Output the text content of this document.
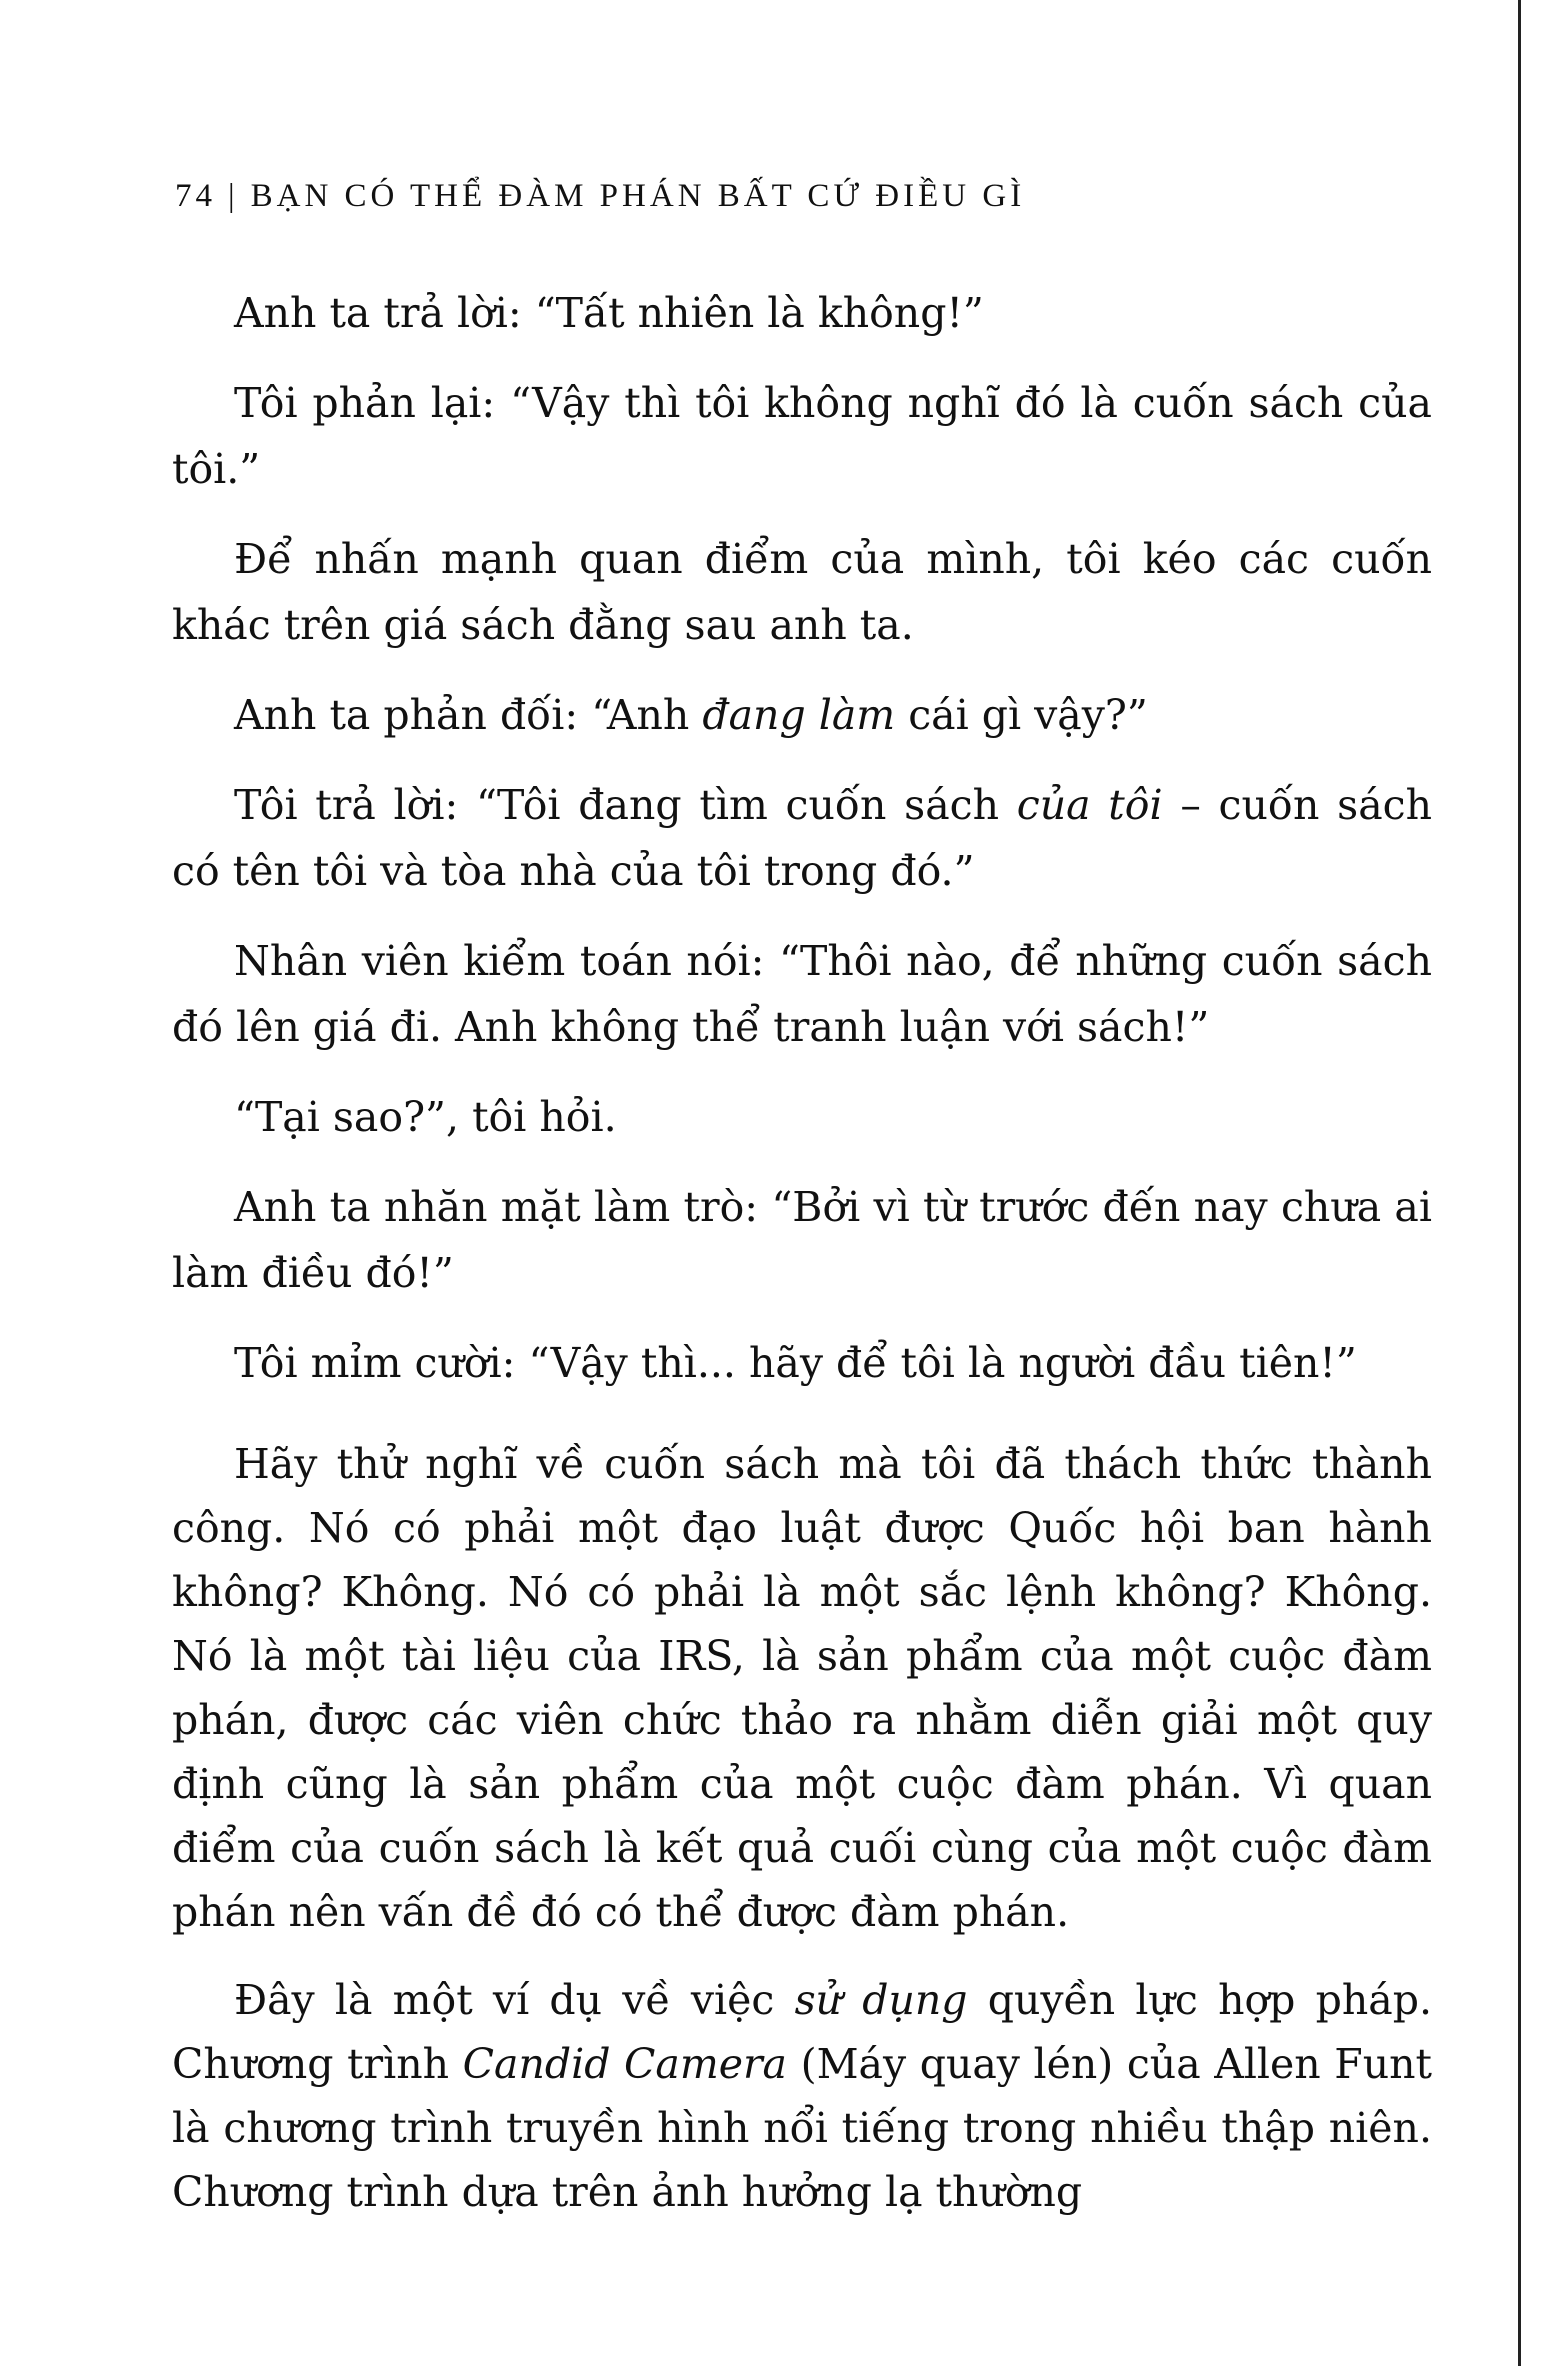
74 | BẠN CÓ THỂ ĐÀM PHÁN BẤT CỨ ĐIỀU GÌ

Anh ta trả lời: “Tất nhiên là không!”

Tôi phản lại: “Vậy thì tôi không nghĩ đó là cuốn sách của tôi.”

Để nhấn mạnh quan điểm của mình, tôi kéo các cuốn khác trên giá sách đằng sau anh ta.

Anh ta phản đối: “Anh đang làm cái gì vậy?”

Tôi trả lời: “Tôi đang tìm cuốn sách của tôi – cuốn sách có tên tôi và tòa nhà của tôi trong đó.”

Nhân viên kiểm toán nói: “Thôi nào, để những cuốn sách đó lên giá đi. Anh không thể tranh luận với sách!”

“Tại sao?”, tôi hỏi.

Anh ta nhăn mặt làm trò: “Bởi vì từ trước đến nay chưa ai làm điều đó!”

Tôi mỉm cười: “Vậy thì... hãy để tôi là người đầu tiên!”

Hãy thử nghĩ về cuốn sách mà tôi đã thách thức thành công. Nó có phải một đạo luật được Quốc hội ban hành không? Không. Nó có phải là một sắc lệnh không? Không. Nó là một tài liệu của IRS, là sản phẩm của một cuộc đàm phán, được các viên chức thảo ra nhằm diễn giải một quy định cũng là sản phẩm của một cuộc đàm phán. Vì quan điểm của cuốn sách là kết quả cuối cùng của một cuộc đàm phán nên vấn đề đó có thể được đàm phán.

Đây là một ví dụ về việc sử dụng quyền lực hợp pháp. Chương trình Candid Camera (Máy quay lén) của Allen Funt là chương trình truyền hình nổi tiếng trong nhiều thập niên. Chương trình dựa trên ảnh hưởng lạ thường
